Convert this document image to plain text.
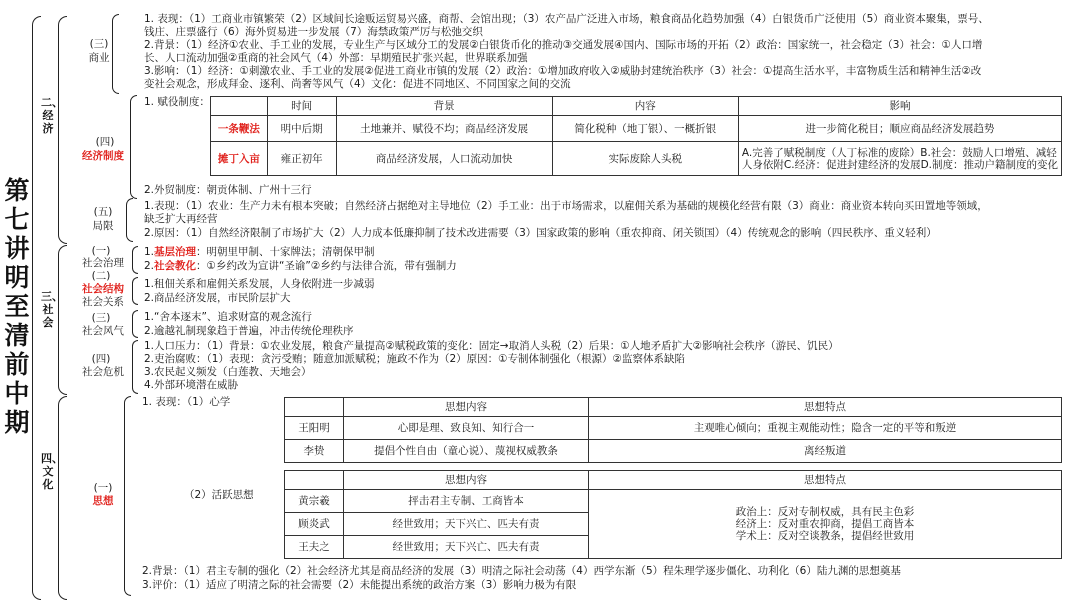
第七讲 明至清前中期
二、经济
三、社会
四、文化
(三)
商业
1. 表现：（1）工商业市镇繁荣（2）区域间长途贩运贸易兴盛，商帮、会馆出现；（3）农产品广泛进入市场，粮食商品化趋势加强（4）白银货币广泛使用（5）商业资本聚集，票号、
钱庄、庄票盛行（6）海外贸易进一步发展（7）海禁政策严厉与松弛交织
2.背景：（1）经济①农业、手工业的发展，专业生产与区域分工的发展②白银货币化的推动③交通发展④国内、国际市场的开拓（2）政治：国家统一，社会稳定（3）社会：①人口增
长、人口流动加强②重商的社会风气（4）外部：早期殖民扩张兴起，世界联系加强
3.影响：（1）经济：①刺激农业、手工业的发展②促进工商业市镇的发展（2）政治：①增加政府收入②威胁封建统治秩序（3）社会：①提高生活水平，丰富物质生活和精神生活②改
变社会观念，形成拜金、逐利、尚奢等风气（4）文化：促进不同地区、不同国家之间的交流
(四)
经济制度
1. 赋役制度：
		时间	背景	内容	影响
一条鞭法	明中后期	土地兼并、赋役不均；商品经济发展	简化税种（地丁银）、一概折银	进一步简化税目；顺应商品经济发展趋势
摊丁入亩	雍正初年	商品经济发展，人口流动加快	实际废除人头税	A.完善了赋税制度（人丁标准的废除）B.社会：鼓励人口增殖、减轻
人身依附C.经济：促进封建经济的发展D.制度：推动户籍制度的变化
2.外贸制度：朝贡体制、广州十三行
(五)
局限
1.表现：（1）农业：生产力未有根本突破；自然经济占据绝对主导地位（2）手工业：出于市场需求，以雇佣关系为基础的规模化经营有限（3）商业：商业资本转向买田置地等领域，
缺乏扩大再经营
2.原因：（1）自然经济限制了市场扩大（2）人力成本低廉抑制了技术改进需要（3）国家政策的影响（重农抑商、闭关锁国）（4）传统观念的影响（四民秩序、重义轻利）
(一)
社会治理
1.基层治理：明朝里甲制、十家牌法；清朝保甲制
2.社会教化：①乡约改为宣讲“圣谕”②乡约与法律合流，带有强制力
(二)
社会结构
社会关系
1.租佃关系和雇佣关系发展，人身依附进一步减弱
2.商品经济发展，市民阶层扩大
(三)
社会风气
1.“舍本逐末”、追求财富的观念流行
2.逾越礼制现象趋于普遍，冲击传统伦理秩序
(四)
社会危机
1.人口压力：（1）背景：①农业发展，粮食产量提高②赋税政策的变化：固定→取消人头税（2）后果：①人地矛盾扩大②影响社会秩序（游民、饥民）
2.吏治腐败：（1）表现：贪污受贿；随意加派赋税；施政不作为（2）原因：①专制体制强化（根源）②监察体系缺陷
3.农民起义频发（白莲教、天地会）
4.外部环境潜在威胁
(一)
思想
1. 表现：（1）心学
		思想内容	思想特点
王阳明	心即是理、致良知、知行合一	主观唯心倾向；重视主观能动性；隐含一定的平等和叛逆
李贽	提倡个性自由（童心说）、蔑视权威教条	离经叛道
（2）活跃思想
	思想内容	思想特点
黄宗羲	抨击君主专制、工商皆本	政治上：反对专制权威，具有民主色彩
经济上：反对重农抑商，提倡工商皆本
学术上：反对空谈教条，提倡经世致用

顾炎武	经世致用；天下兴亡、匹夫有责	
王夫之	经世致用；天下兴亡、匹夫有责	
2.背景：（1）君主专制的强化（2）社会经济尤其是商品经济的发展（3）明清之际社会动荡（4）西学东渐（5）程朱理学逐步僵化、功利化（6）陆九渊的思想奠基
3.评价：（1）适应了明清之际的社会需要（2）未能提出系统的政治方案（3）影响力极为有限
